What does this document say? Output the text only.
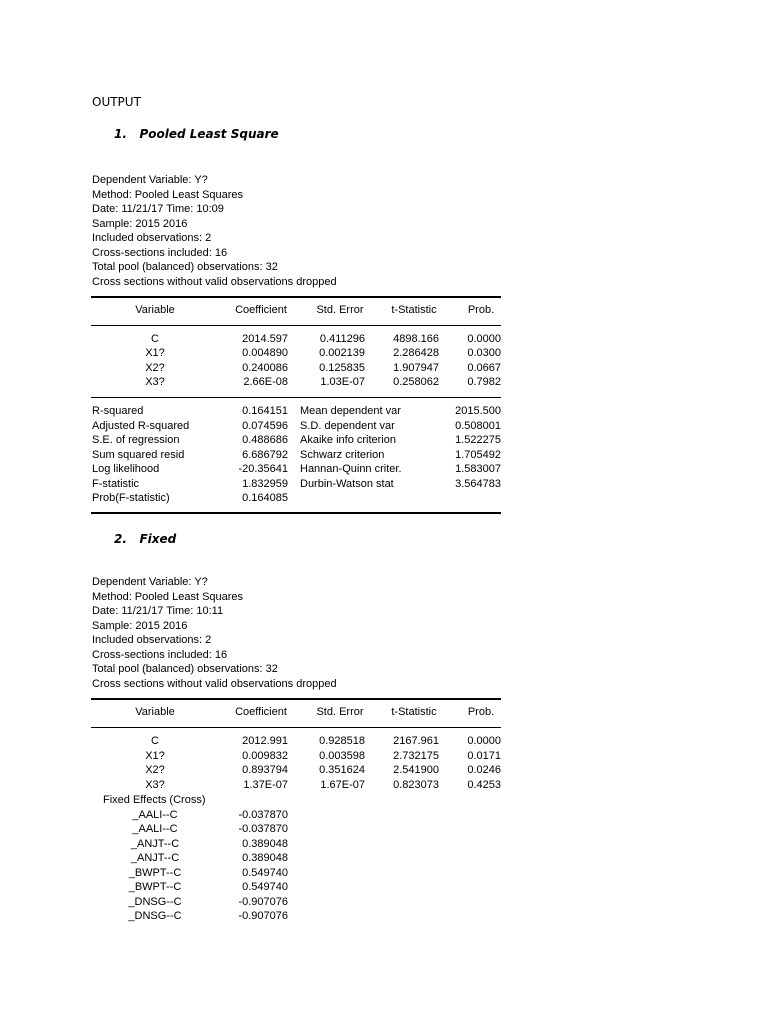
OUTPUT
1. Pooled Least Square
Dependent Variable: Y?
Method: Pooled Least Squares
Date: 11/21/17 Time: 10:09
Sample: 2015 2016
Included observations: 2
Cross-sections included: 16
Total pool (balanced) observations: 32
Cross sections without valid observations dropped
Variable	Coefficient	Std. Error	t-Statistic	Prob.
C	2014.597	0.411296	4898.166	0.0000
X1?	0.004890	0.002139	2.286428	0.0300
X2?	0.240086	0.125835	1.907947	0.0667
X3?	2.66E-08	1.03E-07	0.258062	0.7982
R-squared	0.164151 Mean dependent var	2015.500
Adjusted R-squared	0.074596 S.D. dependent var	0.508001
S.E. of regression	0.488686 Akaike info criterion	1.522275
Sum squared resid	6.686792 Schwarz criterion	1.705492
Log likelihood	-20.35641 Hannan-Quinn criter.	1.583007
F-statistic	1.832959 Durbin-Watson stat	3.564783
Prob(F-statistic)	0.164085
2. Fixed
Dependent Variable: Y?
Method: Pooled Least Squares
Date: 11/21/17 Time: 10:11
Sample: 2015 2016
Included observations: 2
Cross-sections included: 16
Total pool (balanced) observations: 32
Cross sections without valid observations dropped
Variable	Coefficient	Std. Error	t-Statistic	Prob.
C	2012.991	0.928518	2167.961	0.0000
X1?	0.009832	0.003598	2.732175	0.0171
X2?	0.893794	0.351624	2.541900	0.0246
X3?	1.37E-07	1.67E-07	0.823073	0.4253
Fixed Effects (Cross)
_AALI--C	-0.037870
_AALI--C	-0.037870
_ANJT--C	0.389048
_ANJT--C	0.389048
_BWPT--C	0.549740
_BWPT--C	0.549740
_DNSG--C	-0.907076
_DNSG--C	-0.907076
